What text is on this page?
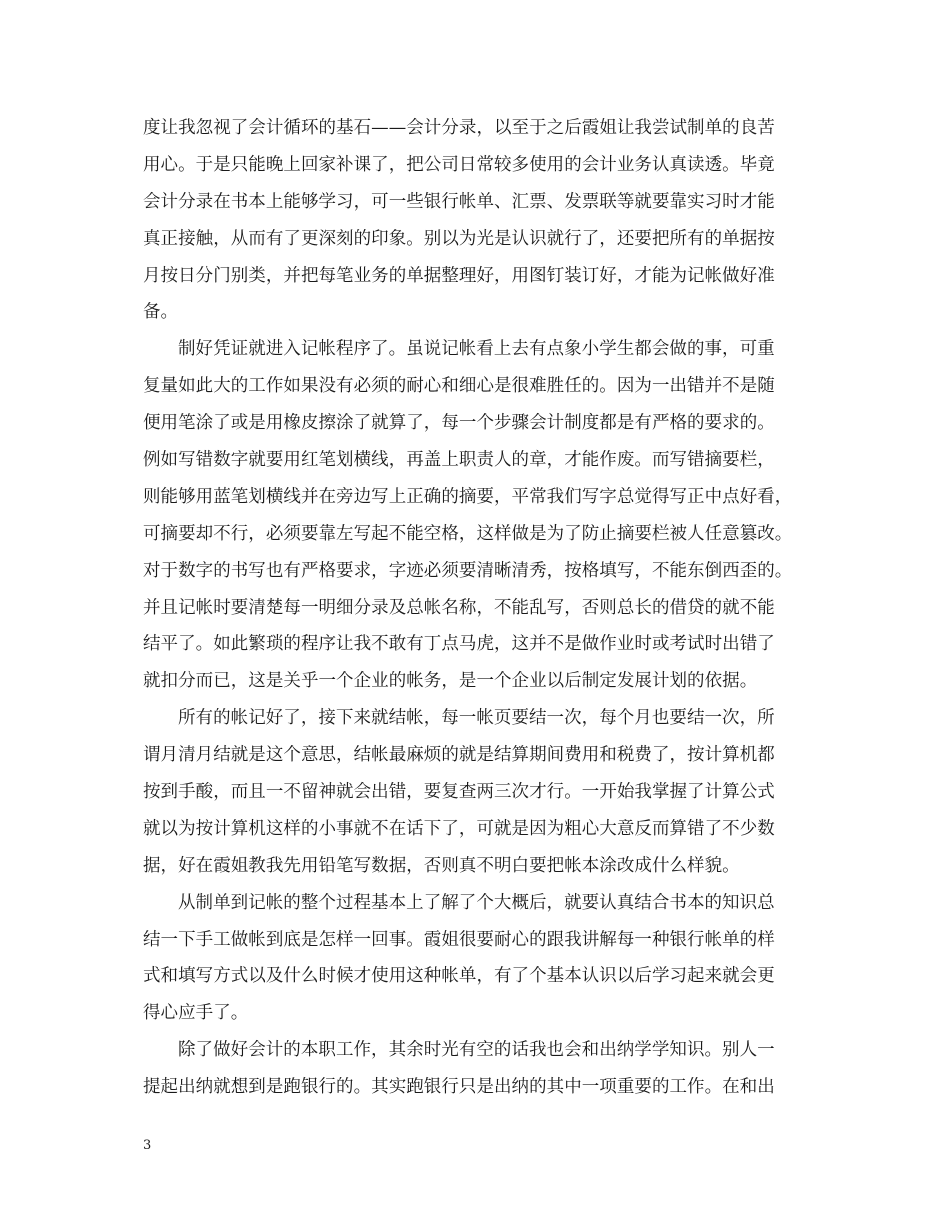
度让我忽视了会计循环的基石——会计分录，以至于之后霞姐让我尝试制单的良苦
用心。于是只能晚上回家补课了，把公司日常较多使用的会计业务认真读透。毕竟
会计分录在书本上能够学习，可一些银行帐单、汇票、发票联等就要靠实习时才能
真正接触，从而有了更深刻的印象。别以为光是认识就行了，还要把所有的单据按
月按日分门别类，并把每笔业务的单据整理好，用图钉装订好，才能为记帐做好准
备。
制好凭证就进入记帐程序了。虽说记帐看上去有点象小学生都会做的事，可重
复量如此大的工作如果没有必须的耐心和细心是很难胜任的。因为一出错并不是随
便用笔涂了或是用橡皮擦涂了就算了，每一个步骤会计制度都是有严格的要求的。
例如写错数字就要用红笔划横线，再盖上职责人的章，才能作废。而写错摘要栏，
则能够用蓝笔划横线并在旁边写上正确的摘要，平常我们写字总觉得写正中点好看，
可摘要却不行，必须要靠左写起不能空格，这样做是为了防止摘要栏被人任意篡改。
对于数字的书写也有严格要求，字迹必须要清晰清秀，按格填写，不能东倒西歪的。
并且记帐时要清楚每一明细分录及总帐名称，不能乱写，否则总长的借贷的就不能
结平了。如此繁琐的程序让我不敢有丁点马虎，这并不是做作业时或考试时出错了
就扣分而已，这是关乎一个企业的帐务，是一个企业以后制定发展计划的依据。
所有的帐记好了，接下来就结帐，每一帐页要结一次，每个月也要结一次，所
谓月清月结就是这个意思，结帐最麻烦的就是结算期间费用和税费了，按计算机都
按到手酸，而且一不留神就会出错，要复查两三次才行。一开始我掌握了计算公式
就以为按计算机这样的小事就不在话下了，可就是因为粗心大意反而算错了不少数
据，好在霞姐教我先用铅笔写数据，否则真不明白要把帐本涂改成什么样貌。
从制单到记帐的整个过程基本上了解了个大概后，就要认真结合书本的知识总
结一下手工做帐到底是怎样一回事。霞姐很要耐心的跟我讲解每一种银行帐单的样
式和填写方式以及什么时候才使用这种帐单，有了个基本认识以后学习起来就会更
得心应手了。
除了做好会计的本职工作，其余时光有空的话我也会和出纳学学知识。别人一
提起出纳就想到是跑银行的。其实跑银行只是出纳的其中一项重要的工作。在和出
3
